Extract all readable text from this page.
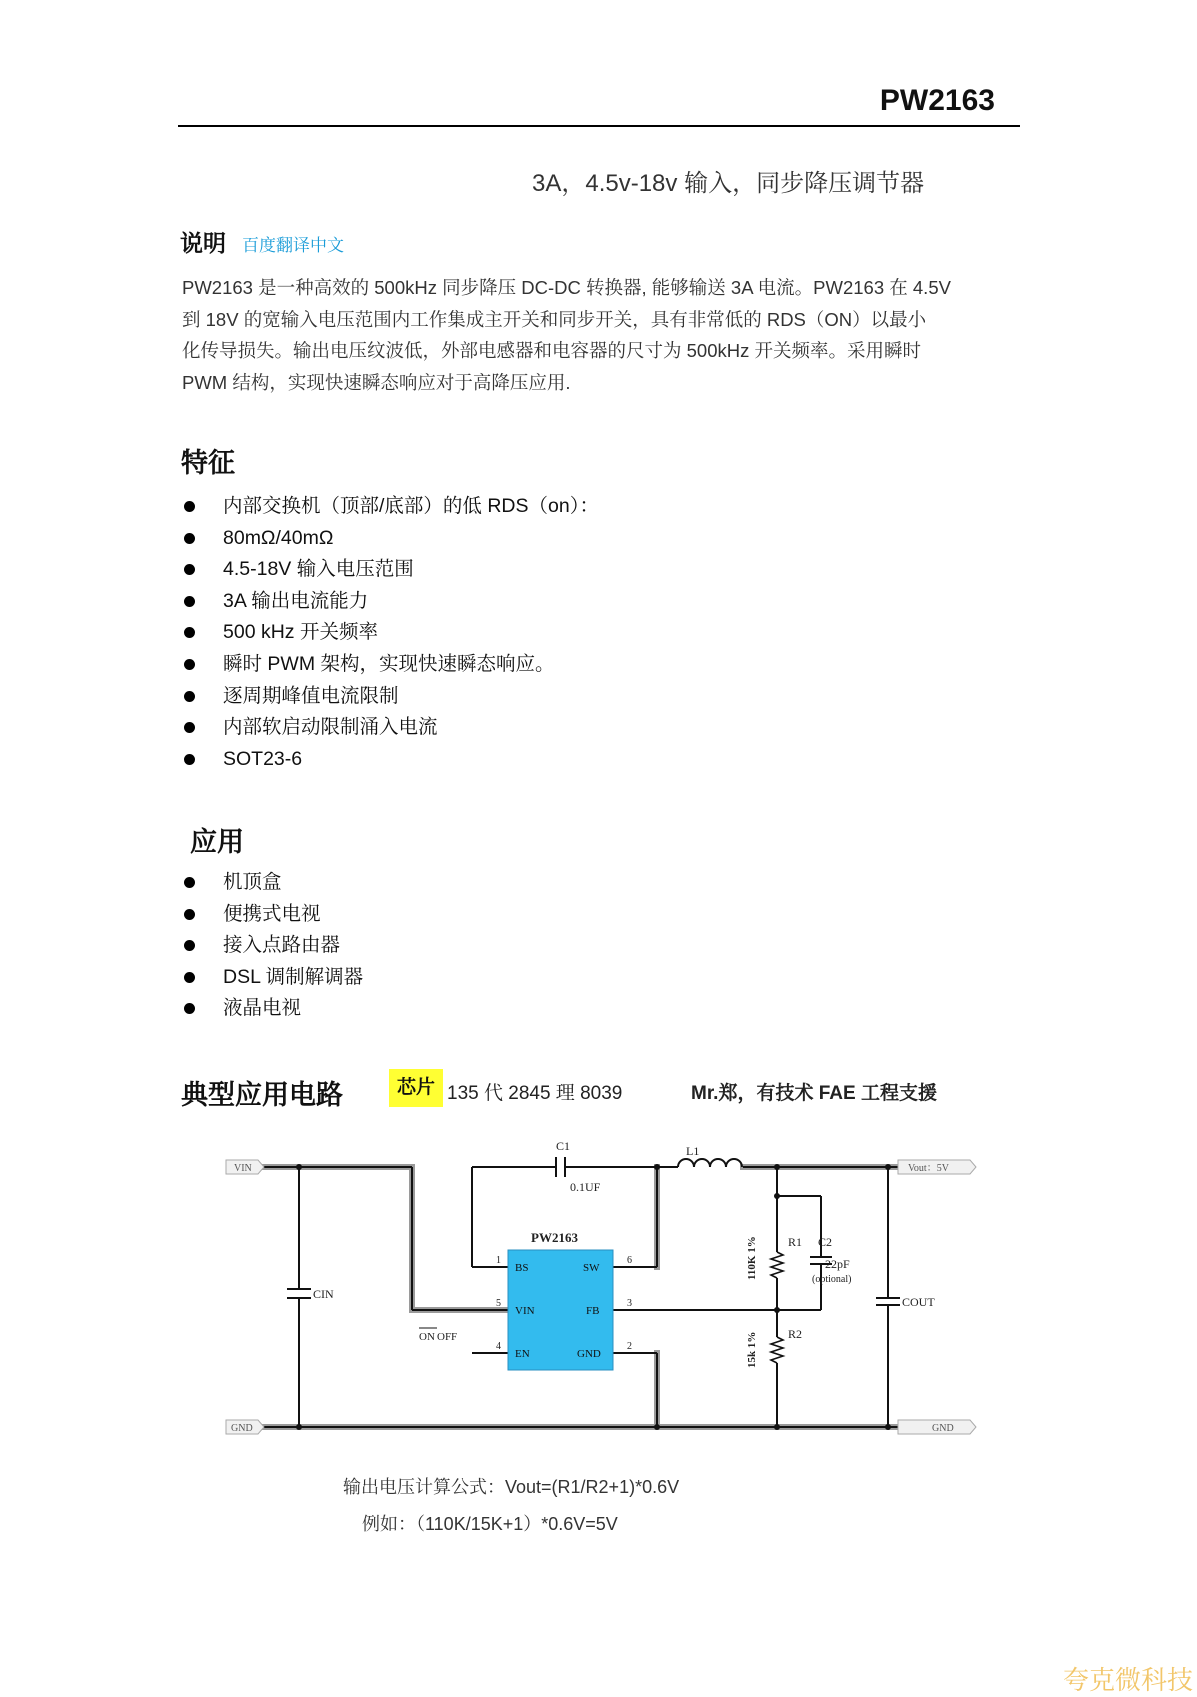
PW2163
3A，4.5v-18v 输入，同步降压调节器
说明 百度翻译中文
PW2163 是一种高效的 500kHz 同步降压 DC-DC 转换器, 能够输送 3A 电流。PW2163 在 4.5V
到 18V 的宽输入电压范围内工作集成主开关和同步开关，具有非常低的 RDS（ON）以最小
化传导损失。输出电压纹波低，外部电感器和电容器的尺寸为 500kHz 开关频率。采用瞬时
PWM 结构，实现快速瞬态响应对于高降压应用.
特征
内部交换机（顶部/底部）的低 RDS（on）：
80mΩ/40mΩ
4.5-18V 输入电压范围
3A 输出电流能力
500 kHz 开关频率
瞬时 PWM 架构，实现快速瞬态响应。
逐周期峰值电流限制
内部软启动限制涌入电流
SOT23-6
应用
机顶盒
便携式电视
接入点路由器
DSL 调制解调器
液晶电视
典型应用电路	芯片 135 代 2845 理 8039	Mr.郑，有技术 FAE 工程支援
VIN
GND
Vout：5V
GND
C1
0.1UF
L1
CIN
PW2163
BS	SW
VIN	FB
EN	GND
1
5
4
6
3
2
ON OFF
110K 1%	R1 C2
22pF
(optional)
15k 1%	R2
COUT
输出电压计算公式：Vout=(R1/R2+1)*0.6V
例如：（110K/15K+1）*0.6V=5V
夸克微科技
